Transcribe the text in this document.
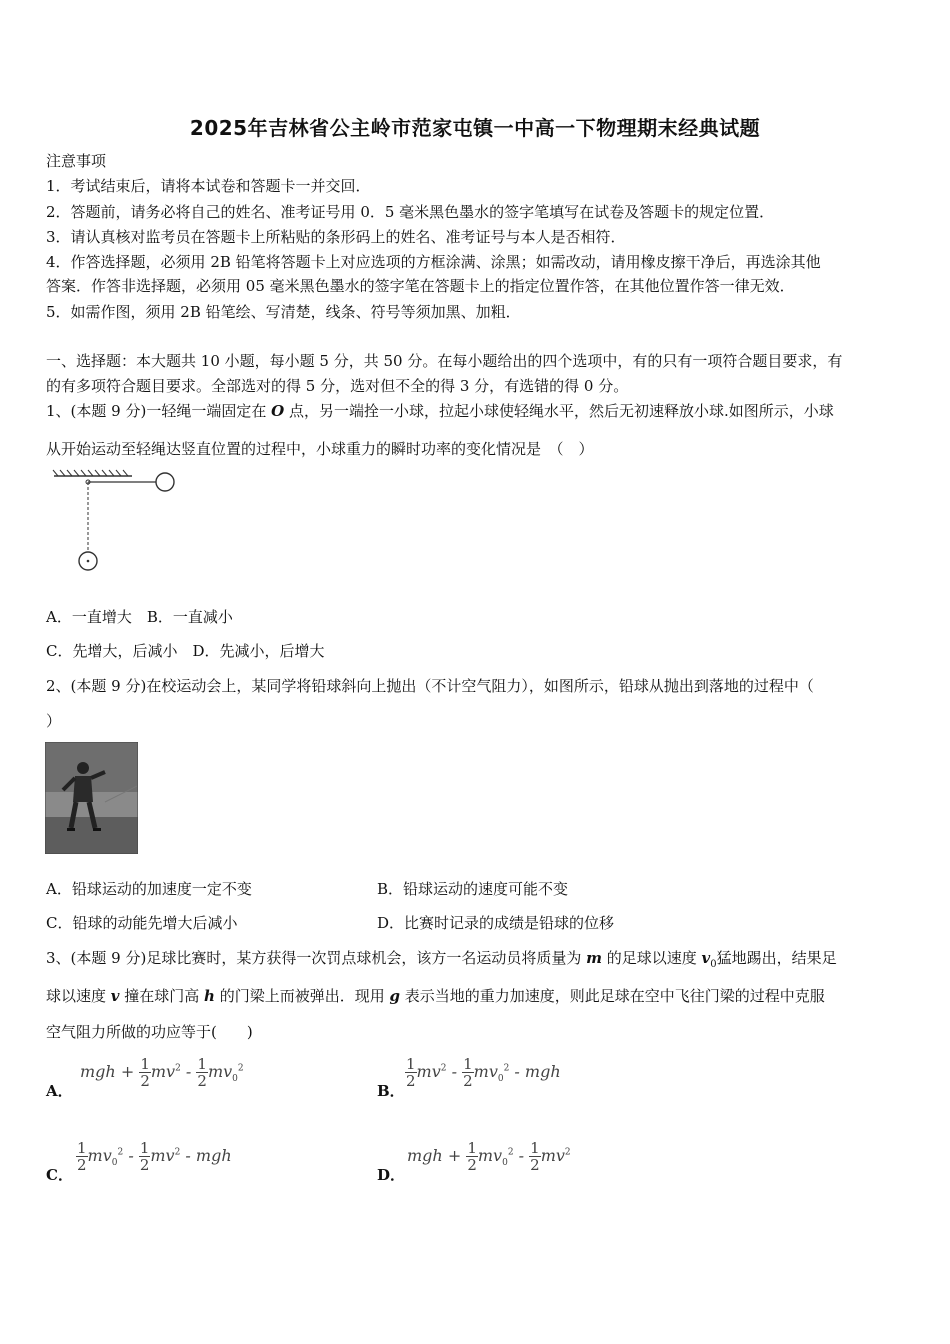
2025年吉林省公主岭市范家屯镇一中高一下物理期末经典试题
注意事项
1．考试结束后，请将本试卷和答题卡一并交回．
2．答题前，请务必将自己的姓名、准考证号用 0．5 毫米黑色墨水的签字笔填写在试卷及答题卡的规定位置．
3．请认真核对监考员在答题卡上所粘贴的条形码上的姓名、准考证号与本人是否相符．
4．作答选择题，必须用 2B 铅笔将答题卡上对应选项的方框涂满、涂黑；如需改动，请用橡皮擦干净后，再选涂其他
答案．作答非选择题，必须用 05 毫米黑色墨水的签字笔在答题卡上的指定位置作答，在其他位置作答一律无效．
5．如需作图，须用 2B 铅笔绘、写清楚，线条、符号等须加黑、加粗．
一、选择题：本大题共 10 小题，每小题 5 分，共 50 分。在每小题给出的四个选项中，有的只有一项符合题目要求，有
的有多项符合题目要求。全部选对的得 5 分，选对但不全的得 3 分，有选错的得 0 分。
1、(本题 9 分)一轻绳一端固定在 O 点，另一端拴一小球，拉起小球使轻绳水平，然后无初速释放小球.如图所示，小球
从开始运动至轻绳达竖直位置的过程中，小球重力的瞬时功率的变化情况是　（　）
A．一直增大　B．一直减小
C．先增大，后减小　D．先减小，后增大
2、(本题 9 分)在校运动会上，某同学将铅球斜向上抛出（不计空气阻力），如图所示，铅球从抛出到落地的过程中（
）
A．铅球运动的加速度一定不变	B．铅球运动的速度可能不变
C．铅球的动能先增大后减小	D．比赛时记录的成绩是铅球的位移
3、(本题 9 分)足球比赛时，某方获得一次罚点球机会，该方一名运动员将质量为 m 的足球以速度 $v_0$猛地踢出，结果足
球以速度 v 撞在球门高 h 的门梁上而被弹出．现用 g 表示当地的重力加速度，则此足球在空中飞往门梁的过程中克服
空气阻力所做的功应等于(　　)
A．
mgh + $\frac{1}{2} mv^2 - \frac{1}{2} mv_0^2$
B．
$\frac{1}{2} mv^2 - \frac{1}{2} mv_0^2$ - mgh
C．
$\frac{1}{2} mv_0^2 - \frac{1}{2} mv^2$ - mgh
D．
mgh + $\frac{1}{2} mv_0^2 - \frac{1}{2} mv^2$
